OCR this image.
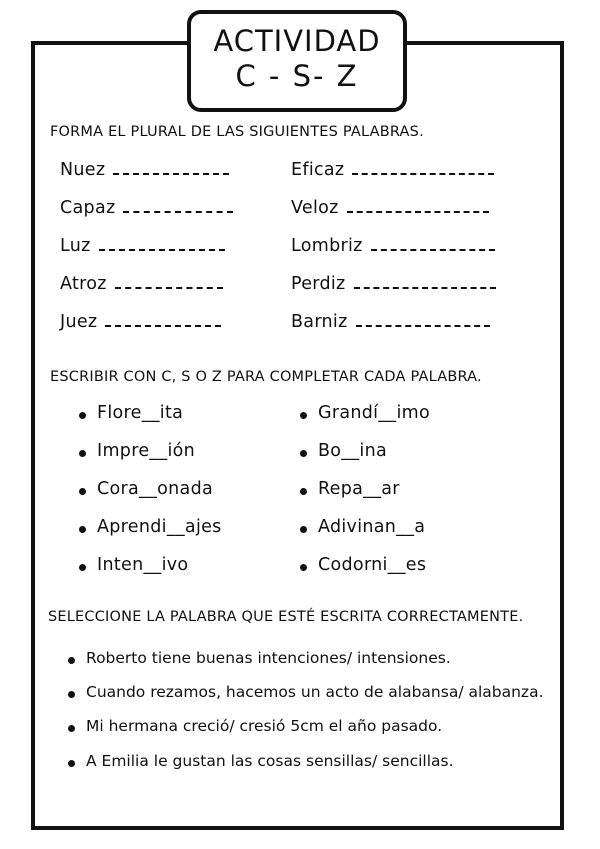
ACTIVIDAD
C - S- Z
FORMA EL PLURAL DE LAS SIGUIENTES PALABRAS.
Nuez
Capaz
Luz
Atroz
Juez
Eficaz
Veloz
Lombriz
Perdiz
Barniz
ESCRIBIR CON C, S O Z PARA COMPLETAR CADA PALABRA.
Flore__ita
Impre__ión
Cora__onada
Aprendi__ajes
Inten__ivo
Grandí__imo
Bo__ina
Repa__ar
Adivinan__a
Codorni__es
SELECCIONE LA PALABRA QUE ESTÉ ESCRITA CORRECTAMENTE.
Roberto tiene buenas intenciones/ intensiones.
Cuando rezamos, hacemos un acto de alabansa/ alabanza.
Mi hermana creció/ cresió 5cm el año pasado.
A Emilia le gustan las cosas sensillas/ sencillas.
